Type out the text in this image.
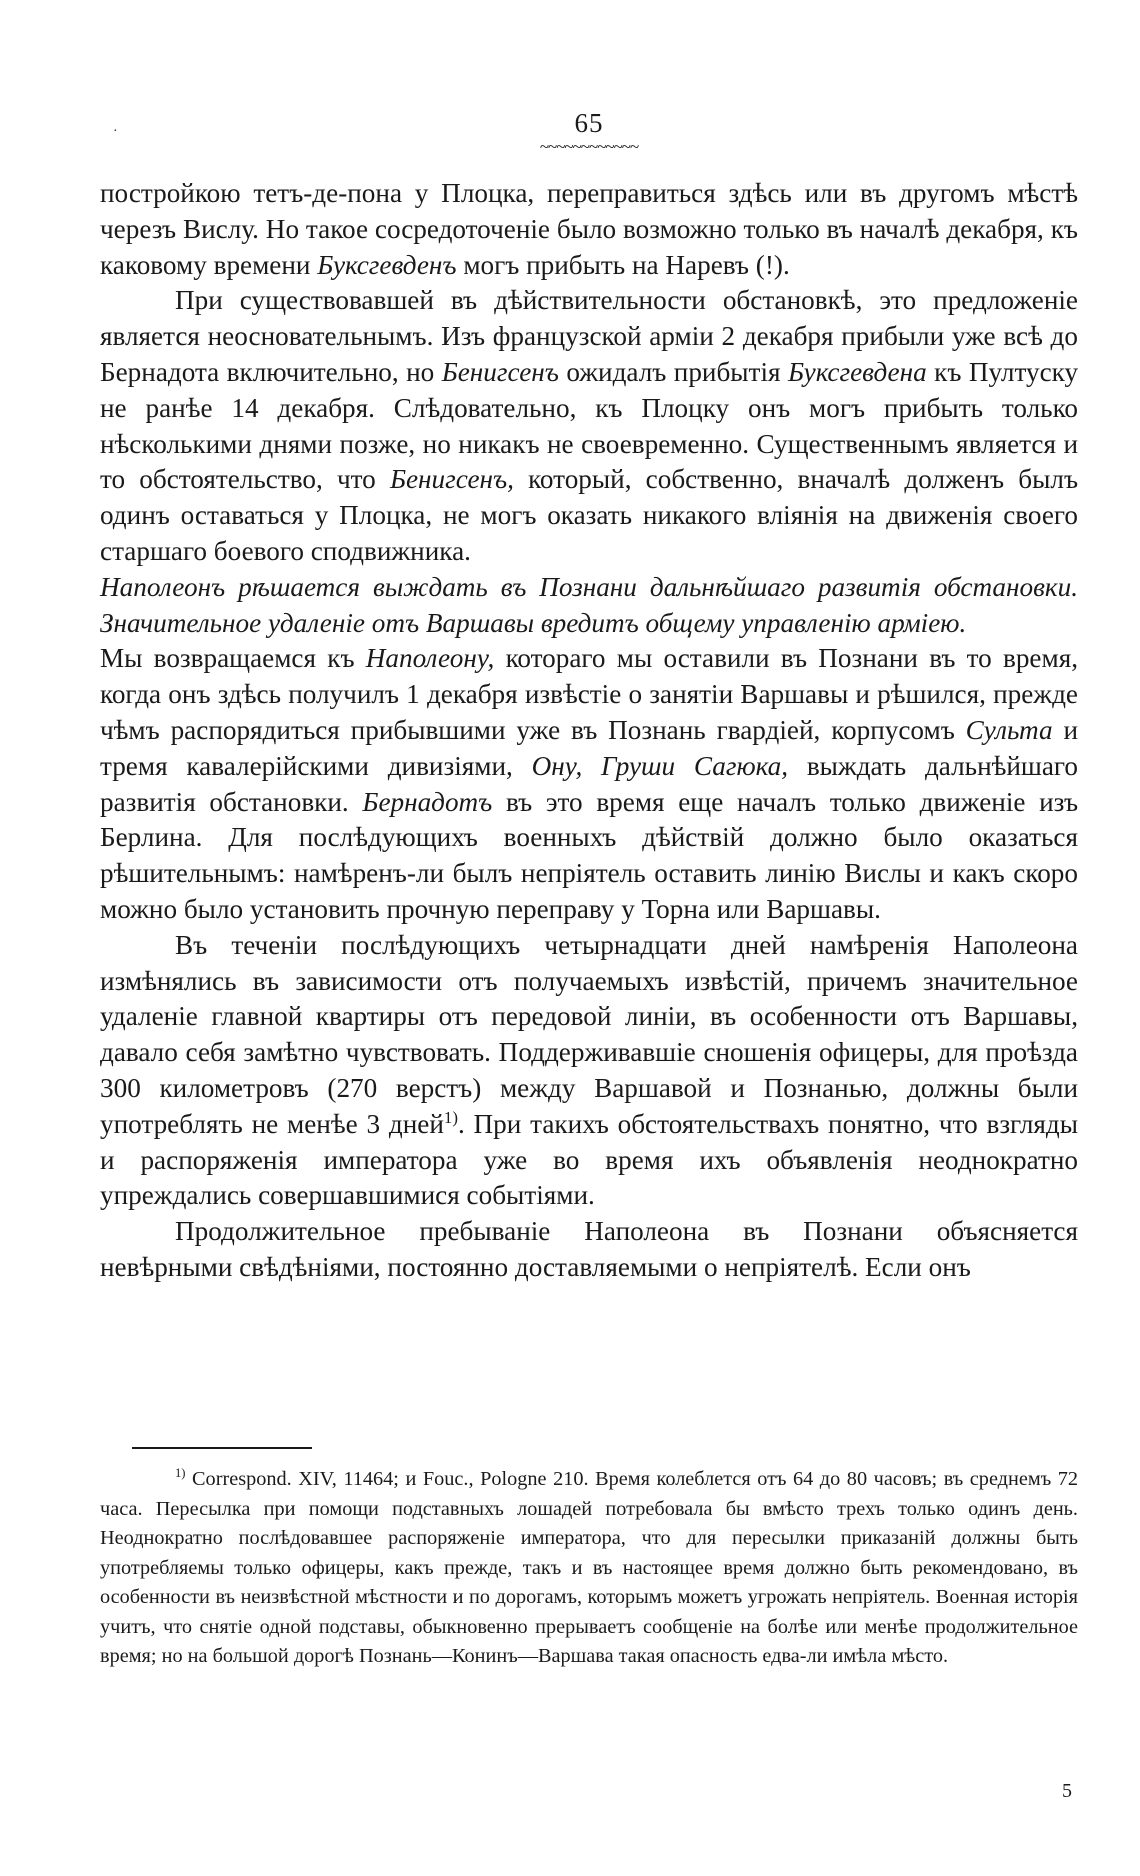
·	65
~~~~~~~~~~~~

постройкою тетъ-де-пона у Плоцка, переправиться здѣсь или въ другомъ мѣстѣ черезъ Вислу. Но такое сосредоточеніе было возможно только въ началѣ декабря, къ каковому времени Буксгевденъ могъ прибыть на Наревъ (!).

При существовавшей въ дѣйствительности обстановкѣ, это предложеніе является неосновательнымъ. Изъ французской арміи 2 декабря прибыли уже всѣ до Бернадота включительно, но Бенигсенъ ожидалъ прибытія Буксгевдена къ Пултуску не ранѣе 14 декабря. Слѣдовательно, къ Плоцку онъ могъ прибыть только нѣсколькими днями позже, но никакъ не своевременно. Существеннымъ является и то обстоятельство, что Бенигсенъ, который, собственно, вначалѣ долженъ былъ одинъ оставаться у Плоцка, не могъ оказать никакого вліянія на движенія своего старшаго боевого сподвижника.

Наполеонъ рѣшается выждать въ Познани дальнѣйшаго развитія обстановки. Значительное удаленіе отъ Варшавы вредитъ общему управленію арміею.

Мы возвращаемся къ Наполеону, котораго мы оставили въ Познани въ то время, когда онъ здѣсь получилъ 1 декабря извѣстіе о занятіи Варшавы и рѣшился, прежде чѣмъ распорядиться прибывшими уже въ Познань гвардіей, корпусомъ Сульта и тремя кавалерійскими дивизіями, Ону, Груши Сагюка, выждать дальнѣйшаго развитія обстановки. Бернадотъ въ это время еще началъ только движеніе изъ Берлина. Для послѣдующихъ военныхъ дѣйствій должно было оказаться рѣшительнымъ: намѣренъ-ли былъ непріятель оставить линію Вислы и какъ скоро можно было установить прочную переправу у Торна или Варшавы.

Въ теченіи послѣдующихъ четырнадцати дней намѣренія Наполеона измѣнялись въ зависимости отъ получаемыхъ извѣстій, причемъ значительное удаленіе главной квартиры отъ передовой линіи, въ особенности отъ Варшавы, давало себя замѣтно чувствовать. Поддерживавшіе сношенія офицеры, для проѣзда 300 километровъ (270 верстъ) между Варшавой и Познанью, должны были употреблять не менѣе 3 дней$^{1)}$. При такихъ обстоятельствахъ понятно, что взгляды и распоряженія императора уже во время ихъ объявленія неоднократно упреждались совершавшимися событіями.

Продолжительное пребываніе Наполеона въ Познани объясняется невѣрными свѣдѣніями, постоянно доставляемыми о непріятелѣ. Если онъ

$^{1)}$ Correspond. XIV, 11464; и Fouc., Pologne 210. Время колеблется отъ 64 до 80 часовъ; въ среднемъ 72 часа. Пересылка при помощи подставныхъ лошадей потребовала бы вмѣсто трехъ только одинъ день. Неоднократно послѣдовавшее распоряженіе императора, что для пересылки приказаній должны быть употребляемы только офицеры, какъ прежде, такъ и въ настоящее время должно быть рекомендовано, въ особенности въ неизвѣстной мѣстности и по дорогамъ, которымъ можетъ угрожать непріятель. Военная исторія учитъ, что снятіе одной подставы, обыкновенно прерываетъ сообщеніе на болѣе или менѣе продолжительное время; но на большой дорогѣ Познань—Конинъ—Варшава такая опасность едва-ли имѣла мѣсто.

5
